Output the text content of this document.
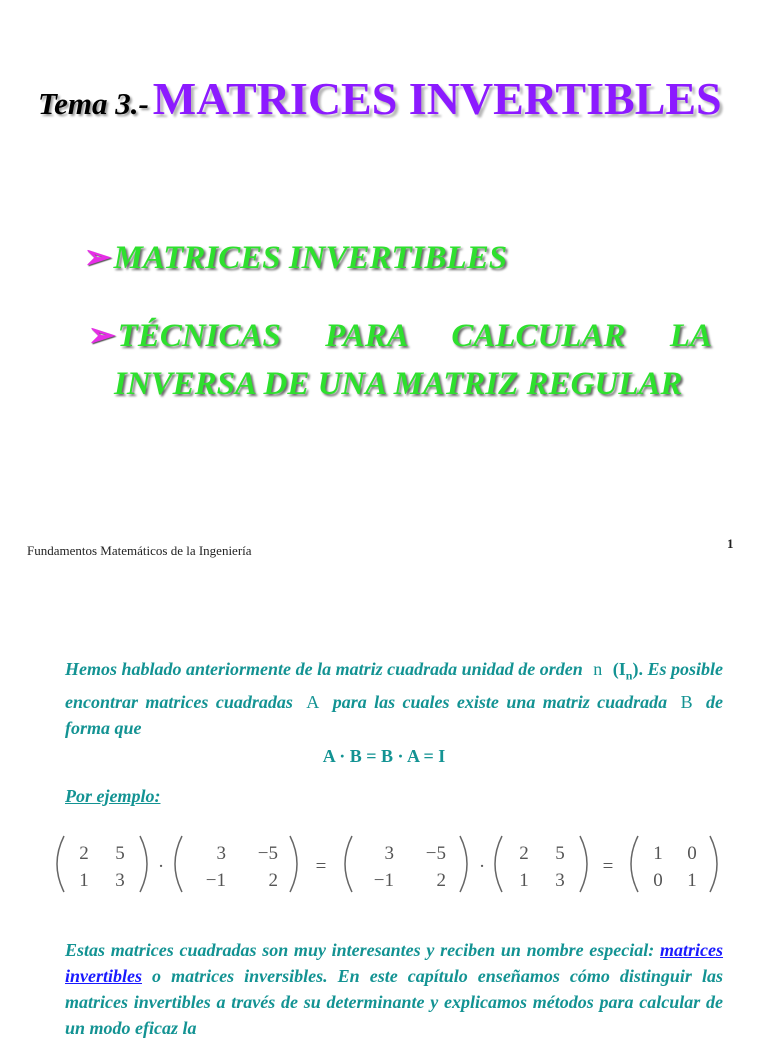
Tema 3.- MATRICES INVERTIBLES
➢MATRICES INVERTIBLES
➢TÉCNICAS PARA CALCULAR LA
INVERSA DE UNA MATRIZ REGULAR
Fundamentos Matemáticos de la Ingeniería	1
Hemos hablado anteriormente de la matriz cuadrada unidad de orden n $(I_n)$. Es posible encontrar matrices cuadradas A para las cuales existe una matriz cuadrada B de forma que
A · B = B · A = I
Por ejemplo:
2 5
1 3
·
3 −5
−1 2
=
3 −5
−1 2
·
2 5
1 3
=
1 0
0 1
Estas matrices cuadradas son muy interesantes y reciben un nombre especial: matrices invertibles o matrices inversibles. En este capítulo enseñamos cómo distinguir las matrices invertibles a través de su determinante y explicamos métodos para calcular de un modo eficaz la
